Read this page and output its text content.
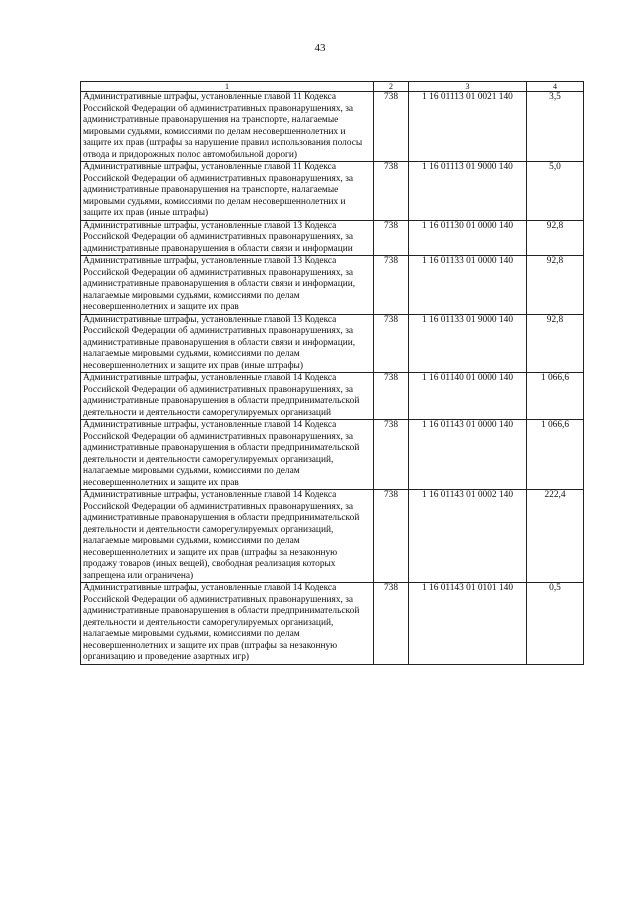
43
1	2	3	4
Административные штрафы, установленные главой 11 Кодекса Российской Федерации об административных правонарушениях, за административные правонарушения на транспорте, налагаемые мировыми судьями, комиссиями по делам несовершеннолетних и защите их прав (штрафы за нарушение правил использования полосы отвода и придорожных полос автомобильной дороги)	738	1 16 01113 01 0021 140	3,5
Административные штрафы, установленные главой 11 Кодекса Российской Федерации об административных правонарушениях, за административные правонарушения на транспорте, налагаемые мировыми судьями, комиссиями по делам несовершеннолетних и защите их прав (иные штрафы)	738	1 16 01113 01 9000 140	5,0
Административные штрафы, установленные главой 13 Кодекса Российской Федерации об административных правонарушениях, за административные правонарушения в области связи и информации	738	1 16 01130 01 0000 140	92,8
Административные штрафы, установленные главой 13 Кодекса Российской Федерации об административных правонарушениях, за административные правонарушения в области связи и информации, налагаемые мировыми судьями, комиссиями по делам несовершеннолетних и защите их прав	738	1 16 01133 01 0000 140	92,8
Административные штрафы, установленные главой 13 Кодекса Российской Федерации об административных правонарушениях, за административные правонарушения в области связи и информации, налагаемые мировыми судьями, комиссиями по делам несовершеннолетних и защите их прав (иные штрафы)	738	1 16 01133 01 9000 140	92,8
Административные штрафы, установленные главой 14 Кодекса Российской Федерации об административных правонарушениях, за административные правонарушения в области предпринимательской деятельности и деятельности саморегулируемых организаций	738	1 16 01140 01 0000 140	1 066,6
Административные штрафы, установленные главой 14 Кодекса Российской Федерации об административных правонарушениях, за административные правонарушения в области предпринимательской деятельности и деятельности саморегулируемых организаций, налагаемые мировыми судьями, комиссиями по делам несовершеннолетних и защите их прав	738	1 16 01143 01 0000 140	1 066,6
Административные штрафы, установленные главой 14 Кодекса Российской Федерации об административных правонарушениях, за административные правонарушения в области предпринимательской деятельности и деятельности саморегулируемых организаций, налагаемые мировыми судьями, комиссиями по делам несовершеннолетних и защите их прав (штрафы за незаконную продажу товаров (иных вещей), свободная реализация которых запрещена или ограничена)	738	1 16 01143 01 0002 140	222,4
Административные штрафы, установленные главой 14 Кодекса Российской Федерации об административных правонарушениях, за административные правонарушения в области предпринимательской деятельности и деятельности саморегулируемых организаций, налагаемые мировыми судьями, комиссиями по делам несовершеннолетних и защите их прав (штрафы за незаконную организацию и проведение азартных игр)	738	1 16 01143 01 0101 140	0,5
